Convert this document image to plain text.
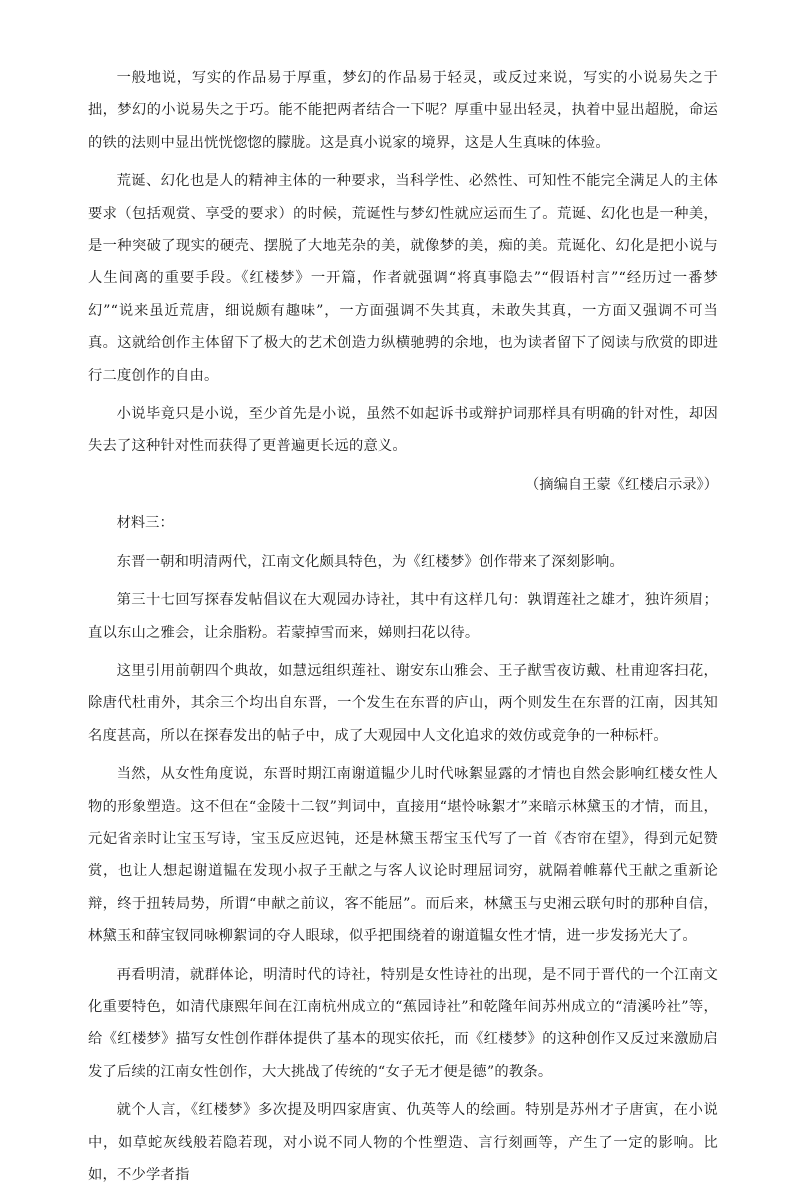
一般地说，写实的作品易于厚重，梦幻的作品易于轻灵，或反过来说，写实的小说易失之于拙，梦幻的小说易失之于巧。能不能把两者结合一下呢？厚重中显出轻灵，执着中显出超脱，命运的铁的法则中显出恍恍惚惚的朦胧。这是真小说家的境界，这是人生真味的体验。

荒诞、幻化也是人的精神主体的一种要求，当科学性、必然性、可知性不能完全满足人的主体要求（包括观赏、享受的要求）的时候，荒诞性与梦幻性就应运而生了。荒诞、幻化也是一种美，是一种突破了现实的硬壳、摆脱了大地芜杂的美，就像梦的美，痴的美。荒诞化、幻化是把小说与人生间离的重要手段。《红楼梦》一开篇，作者就强调“将真事隐去”“假语村言”“经历过一番梦幻”“说来虽近荒唐，细说颇有趣味”，一方面强调不失其真，未敢失其真，一方面又强调不可当真。这就给创作主体留下了极大的艺术创造力纵横驰骋的余地，也为读者留下了阅读与欣赏的即进行二度创作的自由。

小说毕竟只是小说，至少首先是小说，虽然不如起诉书或辩护词那样具有明确的针对性，却因失去了这种针对性而获得了更普遍更长远的意义。

（摘编自王蒙《红楼启示录》）

材料三：

东晋一朝和明清两代，江南文化颇具特色，为《红楼梦》创作带来了深刻影响。

第三十七回写探春发帖倡议在大观园办诗社，其中有这样几句：孰谓莲社之雄才，独许须眉；直以东山之雅会，让余脂粉。若蒙掉雪而来，娣则扫花以待。

这里引用前朝四个典故，如慧远组织莲社、谢安东山雅会、王子猷雪夜访戴、杜甫迎客扫花，除唐代杜甫外，其余三个均出自东晋，一个发生在东晋的庐山，两个则发生在东晋的江南，因其知名度甚高，所以在探春发出的帖子中，成了大观园中人文化追求的效仿或竞争的一种标杆。

当然，从女性角度说，东晋时期江南谢道韫少儿时代咏絮显露的才情也自然会影响红楼女性人物的形象塑造。这不但在“金陵十二钗”判词中，直接用“堪怜咏絮才”来暗示林黛玉的才情，而且，元妃省亲时让宝玉写诗，宝玉反应迟钝，还是林黛玉帮宝玉代写了一首《杏帘在望》，得到元妃赞赏，也让人想起谢道韫在发现小叔子王献之与客人议论时理屈词穷，就隔着帷幕代王献之重新论辩，终于扭转局势，所谓“申献之前议，客不能屈”。而后来，林黛玉与史湘云联句时的那种自信，林黛玉和薛宝钗同咏柳絮词的夺人眼球，似乎把围绕着的谢道韫女性才情，进一步发扬光大了。

再看明清，就群体论，明清时代的诗社，特别是女性诗社的出现，是不同于晋代的一个江南文化重要特色，如清代康熙年间在江南杭州成立的“蕉园诗社”和乾隆年间苏州成立的“清溪吟社”等，给《红楼梦》描写女性创作群体提供了基本的现实依托，而《红楼梦》的这种创作又反过来激励启发了后续的江南女性创作，大大挑战了传统的“女子无才便是德”的教条。

就个人言，《红楼梦》多次提及明四家唐寅、仇英等人的绘画。特别是苏州才子唐寅，在小说中，如草蛇灰线般若隐若现，对小说不同人物的个性塑造、言行刻画等，产生了一定的影响。比如，不少学者指
